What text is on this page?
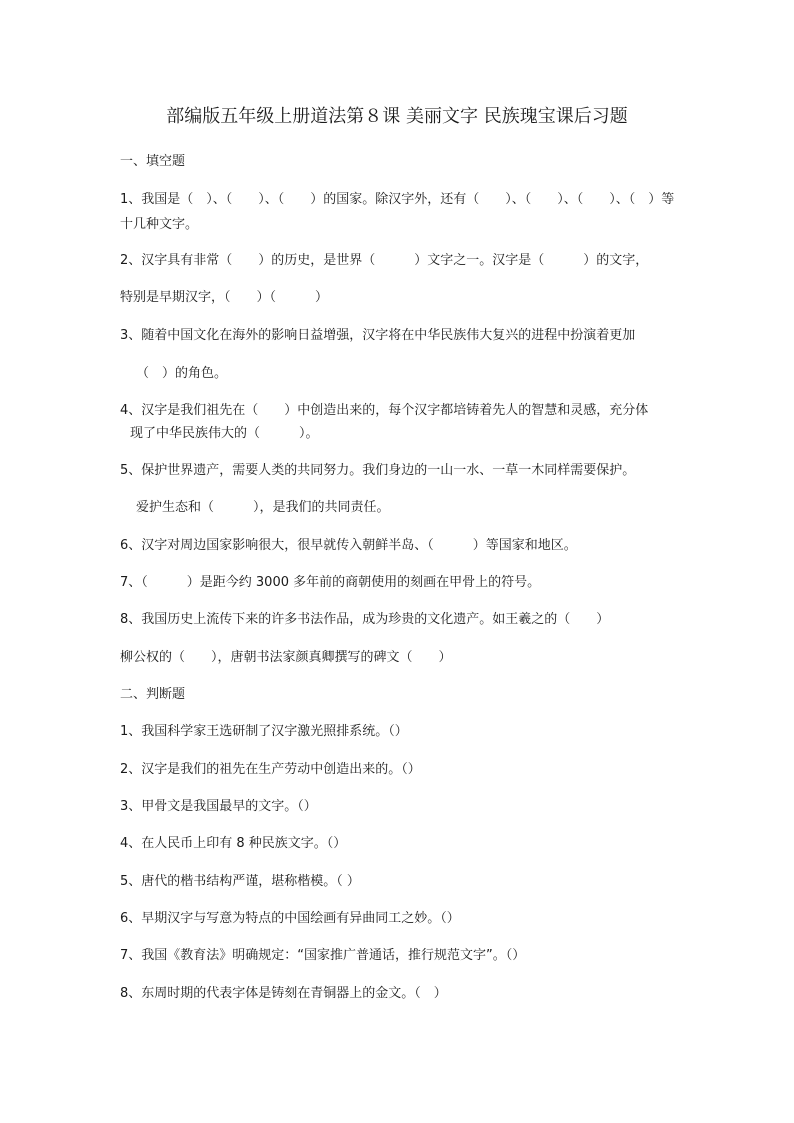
部编版五年级上册道法第８课 美丽文字 民族瑰宝课后习题
一、填空题
1、我国是（　）、（　　）、（　　）的国家。除汉字外，还有（　　）、（　　）、（　　）、（　）等
十几种文字。
2、汉字具有非常（　　）的历史，是世界（　　　）文字之一。汉字是（　　　）的文字，
特别是早期汉字，（　　）（　　　）
3、随着中国文化在海外的影响日益增强，汉字将在中华民族伟大复兴的进程中扮演着更加
（　）的角色。
4、汉字是我们祖先在（　　）中创造出来的，每个汉字都培铸着先人的智慧和灵感，充分体
现了中华民族伟大的（　　　）。
5、保护世界遗产，需要人类的共同努力。我们身边的一山一水、一草一木同样需要保护。
爱护生态和（　　　），是我们的共同责任。
6、汉字对周边国家影响很大，很早就传入朝鲜半岛、（　　　）等国家和地区。
7、（　　　）是距今约 3000 多年前的商朝使用的刻画在甲骨上的符号。
8、我国历史上流传下来的许多书法作品，成为珍贵的文化遗产。如王羲之的（　　）
柳公权的（　　），唐朝书法家颜真卿撰写的碑文（　　）
二、判断题
1、我国科学家王选研制了汉字激光照排系统。（）
2、汉字是我们的祖先在生产劳动中创造出来的。（）
3、甲骨文是我国最早的文字。（）
4、在人民币上印有 8 种民族文字。（）
5、唐代的楷书结构严谨，堪称楷模。（ ）
6、早期汉字与写意为特点的中国绘画有异曲同工之妙。（）
7、我国《教育法》明确规定：“国家推广普通话，推行规范文字”。（）
8、东周时期的代表字体是铸刻在青铜器上的金文。（　）
